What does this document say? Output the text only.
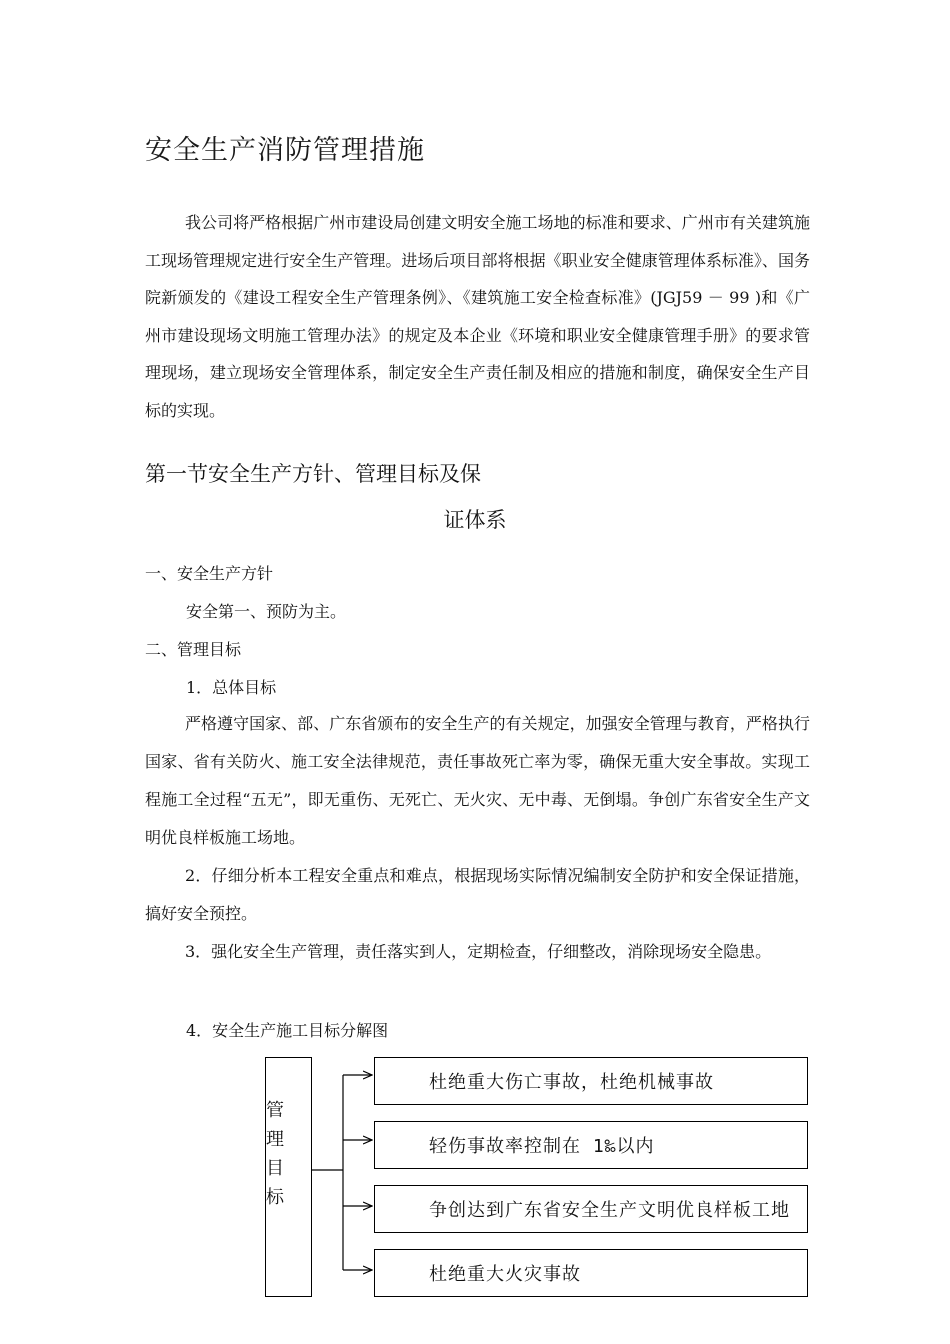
安全生产消防管理措施

我公司将严格根据广州市建设局创建文明安全施工场地的标准和要求、广州市有关建筑施工现场管理规定进行安全生产管理。进场后项目部将根据《职业安全健康管理体系标准》、国务院新颁发的《建设工程安全生产管理条例》、《建筑施工安全检查标准》(JGJ59 － 99 )和《广州市建设现场文明施工管理办法》的规定及本企业《环境和职业安全健康管理手册》的要求管理现场，建立现场安全管理体系，制定安全生产责任制及相应的措施和制度，确保安全生产目标的实现。

第一节安全生产方针、管理目标及保
证体系
一、安全生产方针
安全第一、预防为主。
二、管理目标
1．总体目标

严格遵守国家、部、广东省颁布的安全生产的有关规定，加强安全管理与教育，严格执行国家、省有关防火、施工安全法律规范，责任事故死亡率为零，确保无重大安全事故。实现工程施工全过程“五无”，即无重伤、无死亡、无火灾、无中毒、无倒塌。争创广东省安全生产文明优良样板施工场地。

2．仔细分析本工程安全重点和难点，根据现场实际情况编制安全防护和安全保证措施，搞好安全预控。

3．强化安全生产管理，责任落实到人，定期检查，仔细整改，消除现场安全隐患。

4．安全生产施工目标分解图
管理目标
杜绝重大伤亡事故，杜绝机械事故
轻伤事故率控制在 1‰以内
争创达到广东省安全生产文明优良样板工地
杜绝重大火灾事故
